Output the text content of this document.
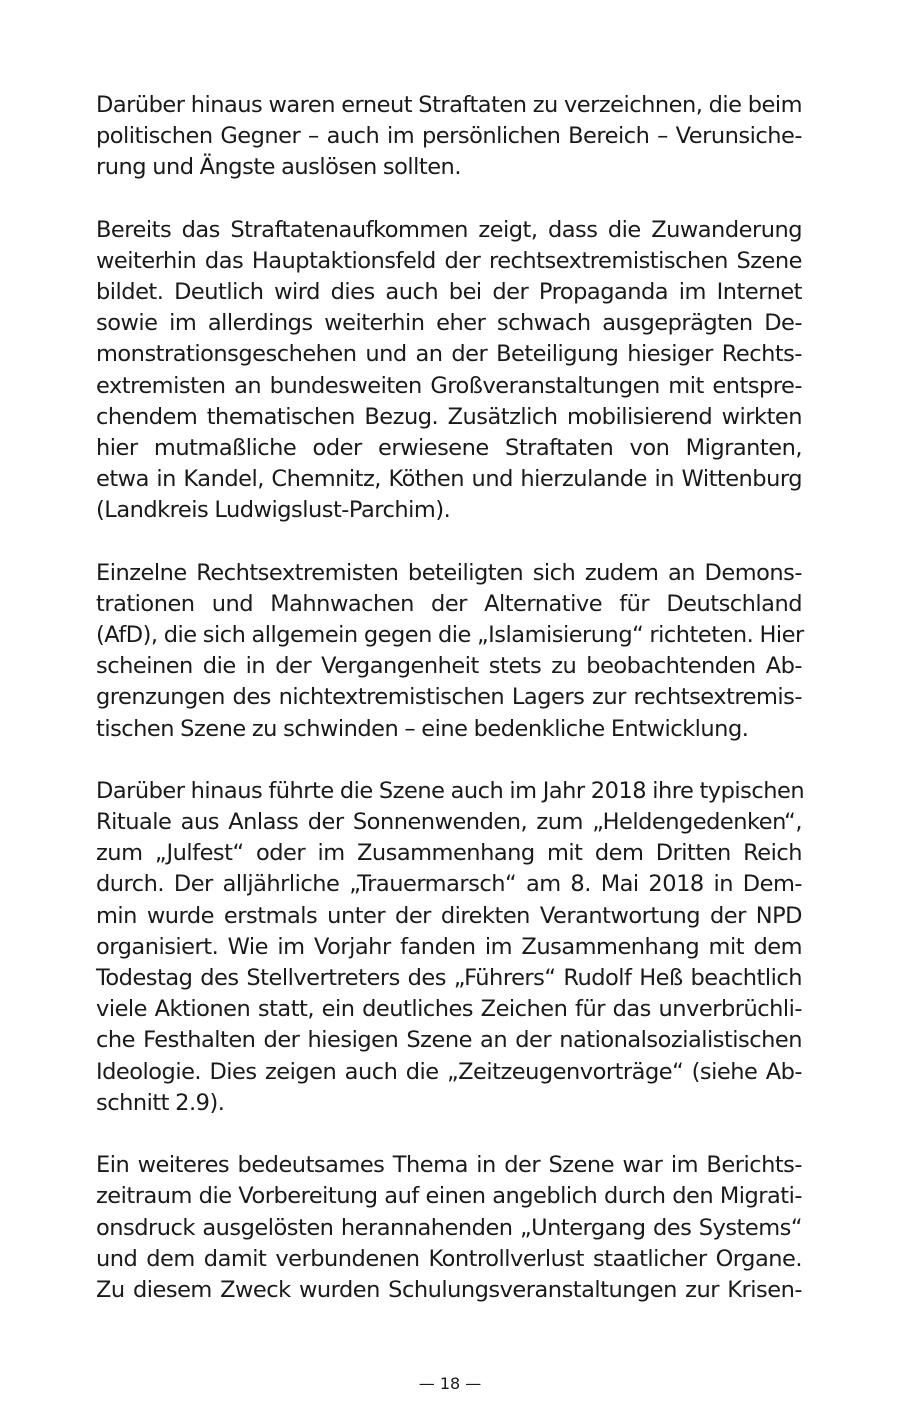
Darüber hinaus waren erneut Straftaten zu verzeichnen, die beim
politischen Gegner – auch im persönlichen Bereich – Verunsiche-
rung und Ängste auslösen sollten.

Bereits das Straftatenaufkommen zeigt, dass die Zuwanderung
weiterhin das Hauptaktionsfeld der rechtsextremistischen Szene
bildet. Deutlich wird dies auch bei der Propaganda im Internet
sowie im allerdings weiterhin eher schwach ausgeprägten De-
monstrationsgeschehen und an der Beteiligung hiesiger Rechts-
extremisten an bundesweiten Großveranstaltungen mit entspre-
chendem thematischen Bezug. Zusätzlich mobilisierend wirkten
hier mutmaßliche oder erwiesene Straftaten von Migranten,
etwa in Kandel, Chemnitz, Köthen und hierzulande in Wittenburg
(Landkreis Ludwigslust-Parchim).

Einzelne Rechtsextremisten beteiligten sich zudem an Demons-
trationen und Mahnwachen der Alternative für Deutschland
(AfD), die sich allgemein gegen die „Islamisierung“ richteten. Hier
scheinen die in der Vergangenheit stets zu beobachtenden Ab-
grenzungen des nichtextremistischen Lagers zur rechtsextremis-
tischen Szene zu schwinden – eine bedenkliche Entwicklung.

Darüber hinaus führte die Szene auch im Jahr 2018 ihre typischen
Rituale aus Anlass der Sonnenwenden, zum „Heldengedenken“,
zum „Julfest“ oder im Zusammenhang mit dem Dritten Reich
durch. Der alljährliche „Trauermarsch“ am 8. Mai 2018 in Dem-
min wurde erstmals unter der direkten Verantwortung der NPD
organisiert. Wie im Vorjahr fanden im Zusammenhang mit dem
Todestag des Stellvertreters des „Führers“ Rudolf Heß beachtlich
viele Aktionen statt, ein deutliches Zeichen für das unverbrüchli-
che Festhalten der hiesigen Szene an der nationalsozialistischen
Ideologie. Dies zeigen auch die „Zeitzeugenvorträge“ (siehe Ab-
schnitt 2.9).

Ein weiteres bedeutsames Thema in der Szene war im Berichts-
zeitraum die Vorbereitung auf einen angeblich durch den Migrati-
onsdruck ausgelösten herannahenden „Untergang des Systems“
und dem damit verbundenen Kontrollverlust staatlicher Organe.
Zu diesem Zweck wurden Schulungsveranstaltungen zur Krisen-

— 18 —
